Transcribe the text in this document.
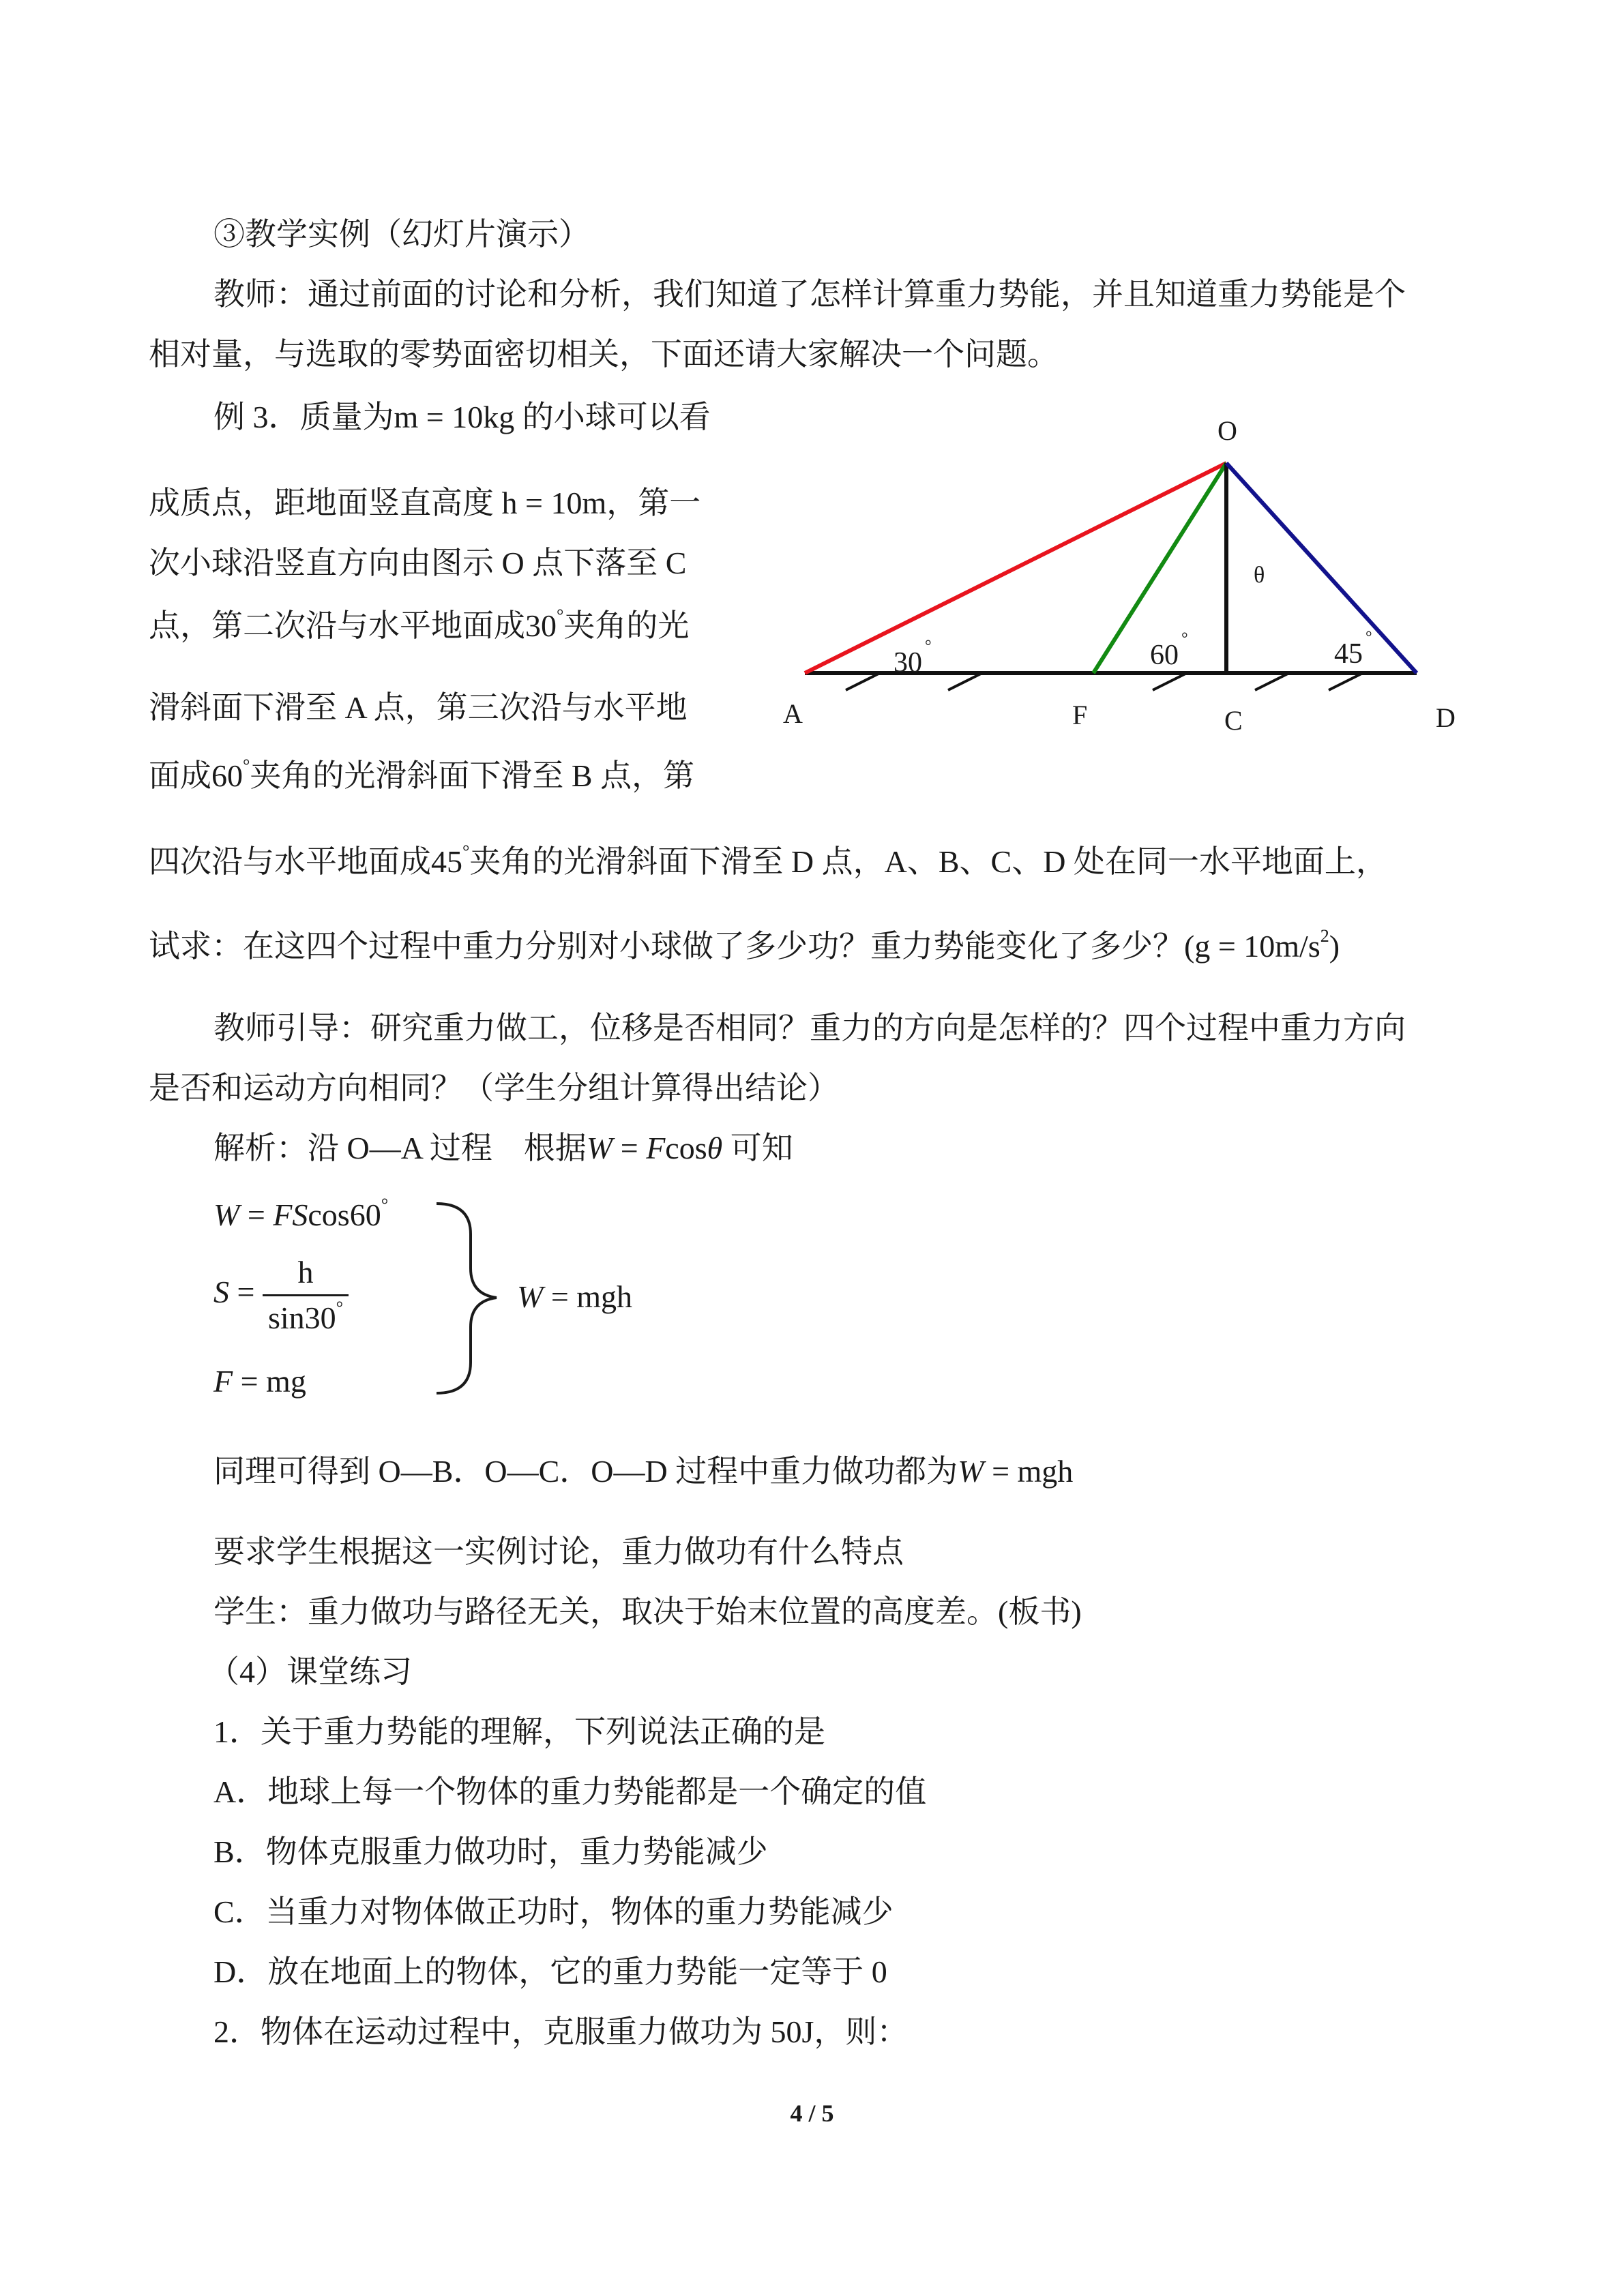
③教学实例（幻灯片演示）
教师：通过前面的讨论和分析，我们知道了怎样计算重力势能，并且知道重力势能是个
相对量，与选取的零势面密切相关，下面还请大家解决一个问题。
例 3．质量为m = 10kg 的小球可以看
成质点，距地面竖直高度 h = 10m，第一
次小球沿竖直方向由图示 O 点下落至 C
点，第二次沿与水平地面成30°夹角的光
滑斜面下滑至 A 点，第三次沿与水平地
面成60°夹角的光滑斜面下滑至 B 点，第
四次沿与水平地面成45°夹角的光滑斜面下滑至 D 点，A、B、C、D 处在同一水平地面上，
试求：在这四个过程中重力分别对小球做了多少功？重力势能变化了多少？$(g = 10m/s^2)$
教师引导：研究重力做工，位移是否相同？重力的方向是怎样的？四个过程中重力方向
是否和运动方向相同？（学生分组计算得出结论）
解析：沿 O—A 过程　根据W = Fcosθ 可知
W = FScos60°
$S = \frac{h}{\sin 30^\circ}$
F = mg
W = mgh
同理可得到 O—B．O—C．O—D 过程中重力做功都为W = mgh
要求学生根据这一实例讨论，重力做功有什么特点
学生：重力做功与路径无关，取决于始末位置的高度差。(板书)
（4）课堂练习
1．关于重力势能的理解，下列说法正确的是
A．地球上每一个物体的重力势能都是一个确定的值
B．物体克服重力做功时，重力势能减少
C．当重力对物体做正功时，物体的重力势能减少
D．放在地面上的物体，它的重力势能一定等于 0
2．物体在运动过程中，克服重力做功为 50J，则：
4 / 5
O
A	F	C	D
30
°	60
°	45
°
θ
